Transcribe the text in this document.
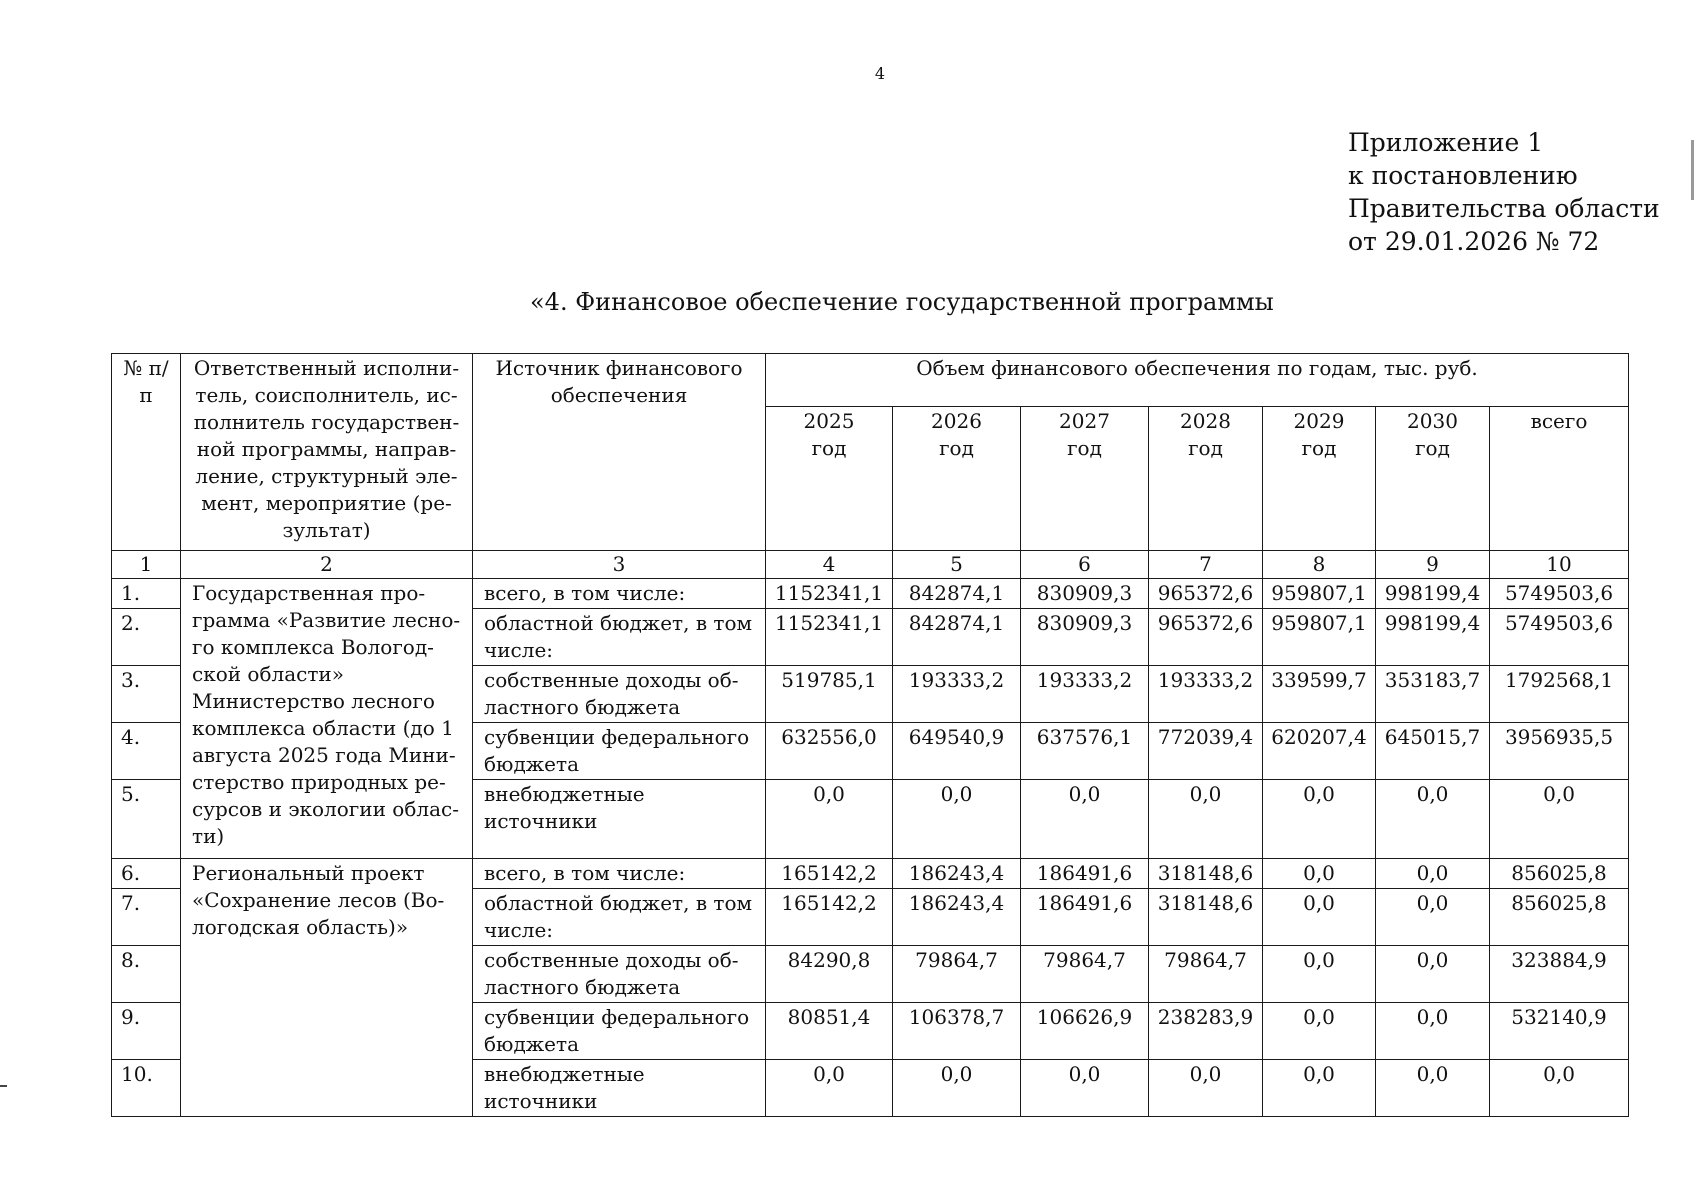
4
Приложение 1
к постановлению
Правительства области
от 29.01.2026 № 72
«4. Финансовое обеспечение государственной программы
№ п/п	Ответственный исполни-тель, соисполнитель, ис-полнитель государствен-ной программы, направ-ление, структурный эле-мент, мероприятие (ре-зультат)	Источник финансового обеспечения	Объем финансового обеспечения по годам, тыс. руб.						
			2025 год	2026 год	2027 год	2028 год	2029 год	2030 год	всего
1	2	3	4	5	6	7	8	9	10
1.	Государственная про-грамма «Развитие лесно-го комплекса Вологод-ской области» Министерство лесного комплекса области (до 1 августа 2025 года Мини-стерство природных ре-сурсов и экологии облас-ти)	всего, в том числе:	1152341,1	842874,1	830909,3	965372,6	959807,1	998199,4	5749503,6
2.		областной бюджет, в том числе:	1152341,1	842874,1	830909,3	965372,6	959807,1	998199,4	5749503,6
3.		собственные доходы об-ластного бюджета	519785,1	193333,2	193333,2	193333,2	339599,7	353183,7	1792568,1
4.		субвенции федерального бюджета	632556,0	649540,9	637576,1	772039,4	620207,4	645015,7	3956935,5
5.		внебюджетные источники	0,0	0,0	0,0	0,0	0,0	0,0	0,0
6.	Региональный проект «Сохранение лесов (Во-логодская область)»	всего, в том числе:	165142,2	186243,4	186491,6	318148,6	0,0	0,0	856025,8
7.		областной бюджет, в том числе:	165142,2	186243,4	186491,6	318148,6	0,0	0,0	856025,8
8.		собственные доходы об-ластного бюджета	84290,8	79864,7	79864,7	79864,7	0,0	0,0	323884,9
9.		субвенции федерального бюджета	80851,4	106378,7	106626,9	238283,9	0,0	0,0	532140,9
10.		внебюджетные источники	0,0	0,0	0,0	0,0	0,0	0,0	0,0
